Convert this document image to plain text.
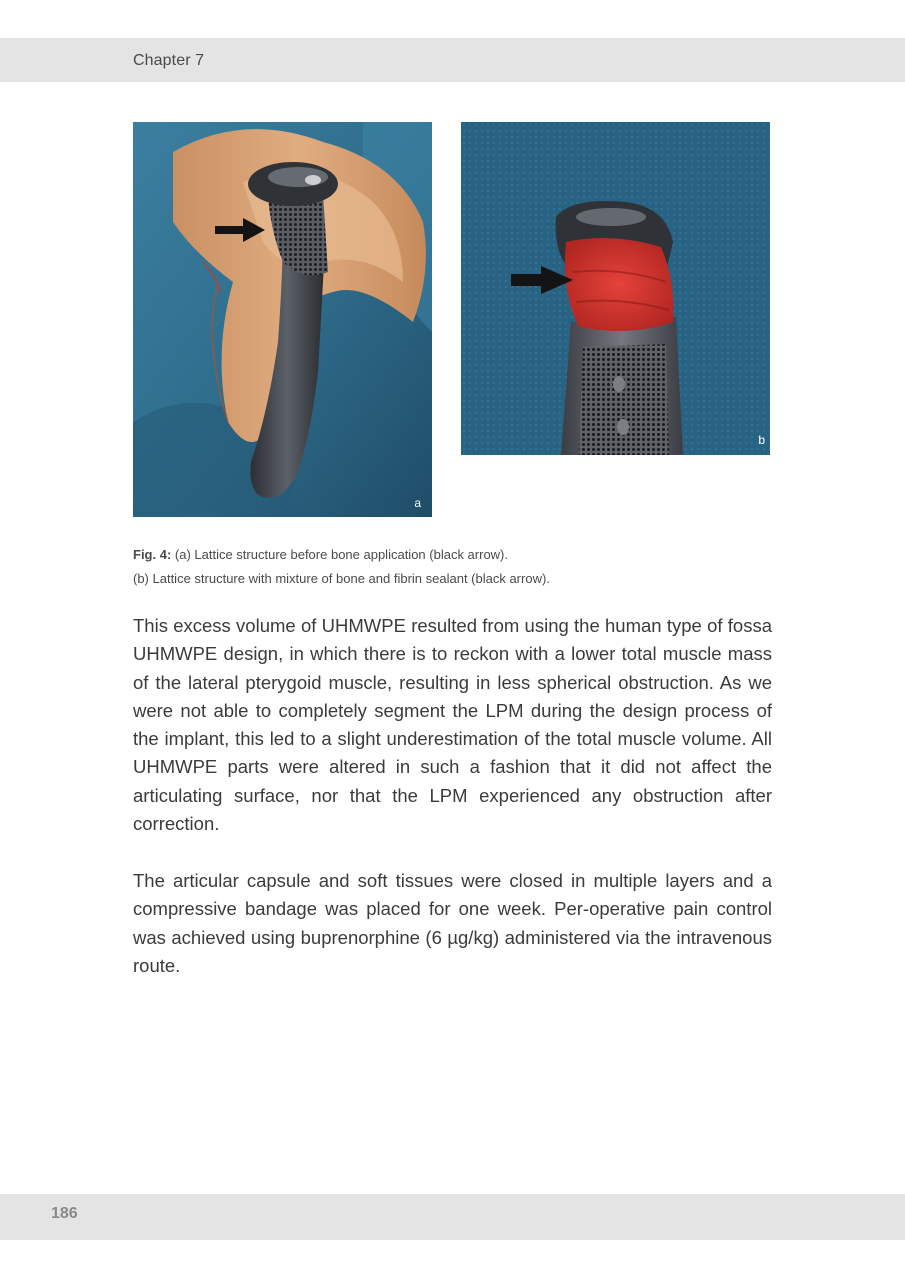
Chapter 7
a
b

Fig. 4: (a) Lattice structure before bone application (black arrow).

(b) Lattice structure with mixture of bone and fibrin sealant (black arrow).

This excess volume of UHMWPE resulted from using the human type of fossa UHMWPE design, in which there is to reckon with a lower total muscle mass of the lateral pterygoid muscle, resulting in less spherical obstruction. As we were not able to completely segment the LPM during the design process of the implant, this led to a slight underestimation of the total muscle volume. All UHMWPE parts were altered in such a fashion that it did not affect the articulating surface, nor that the LPM experienced any obstruction after correction.

The articular capsule and soft tissues were closed in multiple layers and a compressive bandage was placed for one week. Per-operative pain control was achieved using buprenorphine (6 µg/kg) administered via the intravenous route.

186
